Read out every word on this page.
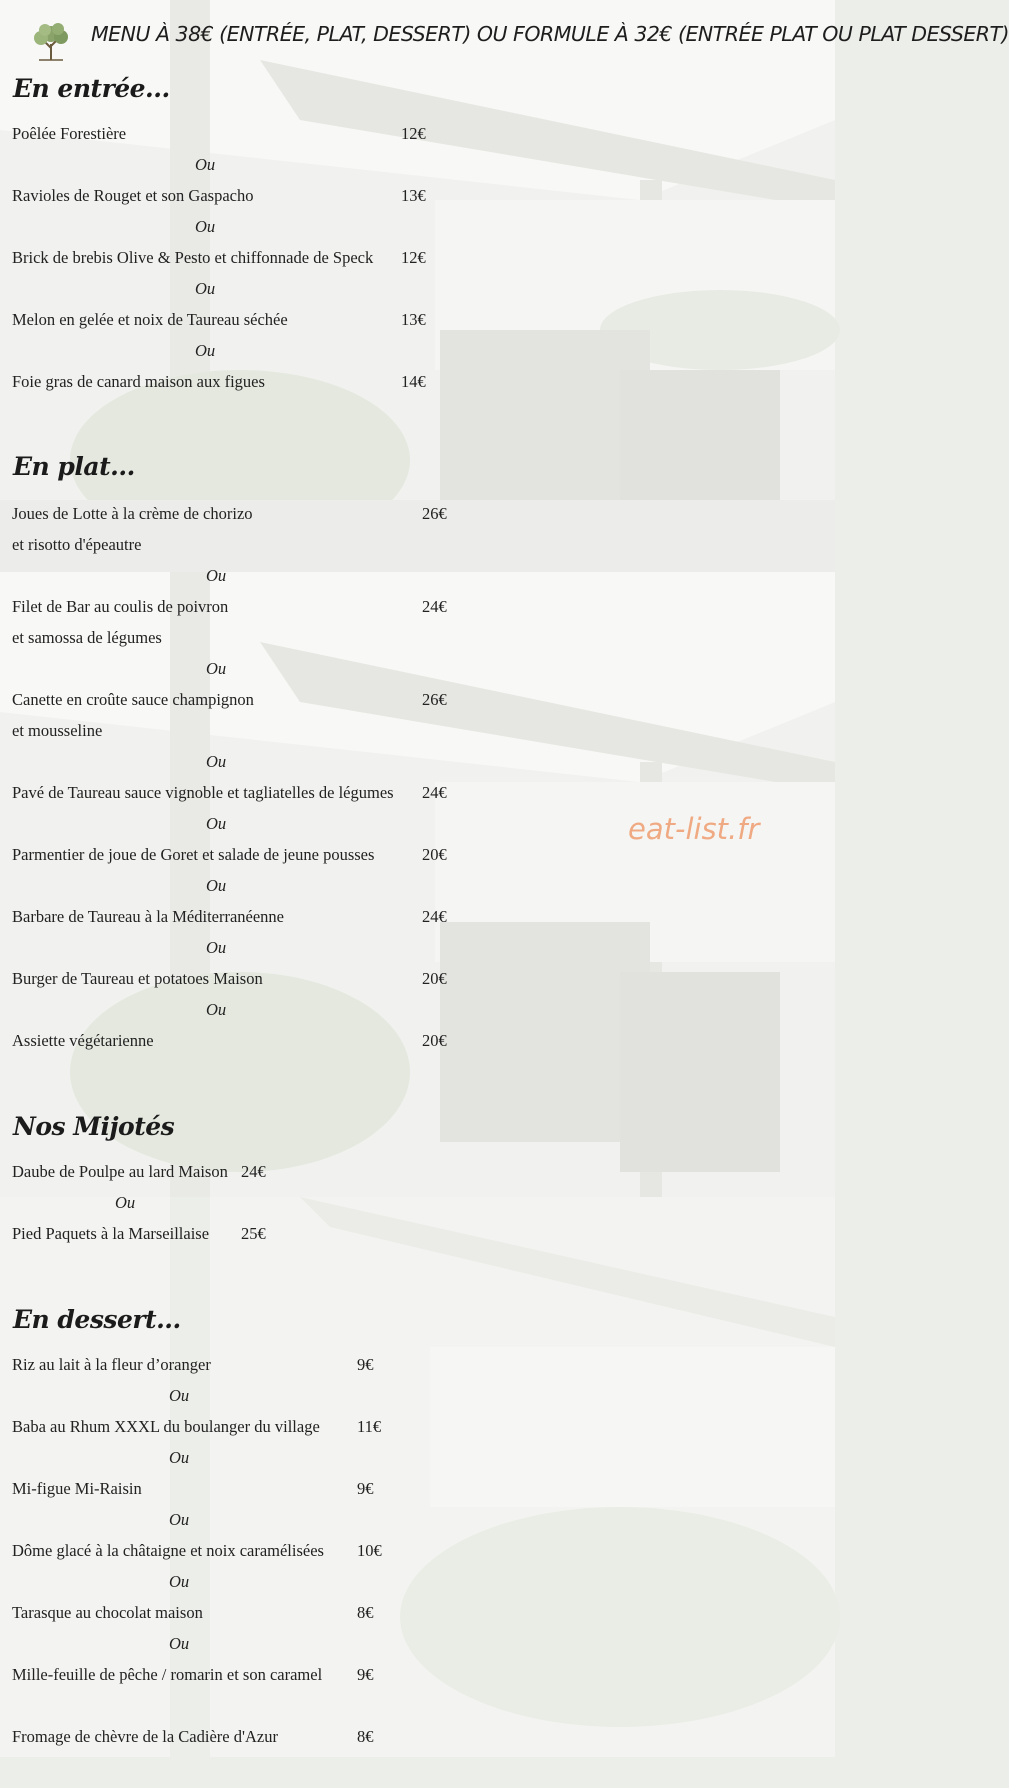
MENU À 38€ (ENTRÉE, PLAT, DESSERT) OU FORMULE À 32€ (ENTRÉE PLAT OU PLAT DESSERT)
eat-list.fr
En entrée...
Poêlée Forestière	12€
Ou
Ravioles de Rouget et son Gaspacho	13€
Ou
Brick de brebis Olive & Pesto et chiffonnade de Speck 12€
Ou
Melon en gelée et noix de Taureau séchée	13€
Ou
Foie gras de canard maison aux figues	14€
En plat...
Joues de Lotte à la crème de chorizo	26€
et risotto d'épeautre
Ou
Filet de Bar au coulis de poivron	24€
et samossa de légumes
Ou
Canette en croûte sauce champignon	26€
et mousseline
Ou
Pavé de Taureau sauce vignoble et tagliatelles de légumes 24€
Ou
Parmentier de joue de Goret et salade de jeune pousses	20€
Ou
Barbare de Taureau à la Méditerranéenne	24€
Ou
Burger de Taureau et potatoes Maison	20€
Ou
Assiette végétarienne	20€
Nos Mijotés
Daube de Poulpe au lard Maison 24€
Ou
Pied Paquets à la Marseillaise 25€
En dessert...
Riz au lait à la fleur d’oranger	9€
Ou
Baba au Rhum XXXL du boulanger du village 11€
Ou
Mi-figue Mi-Raisin	9€
Ou
Dôme glacé à la châtaigne et noix caramélisées 10€
Ou
Tarasque au chocolat maison	8€
Ou
Mille-feuille de pêche / romarin et son caramel 9€
Fromage de chèvre de la Cadière d'Azur	8€
